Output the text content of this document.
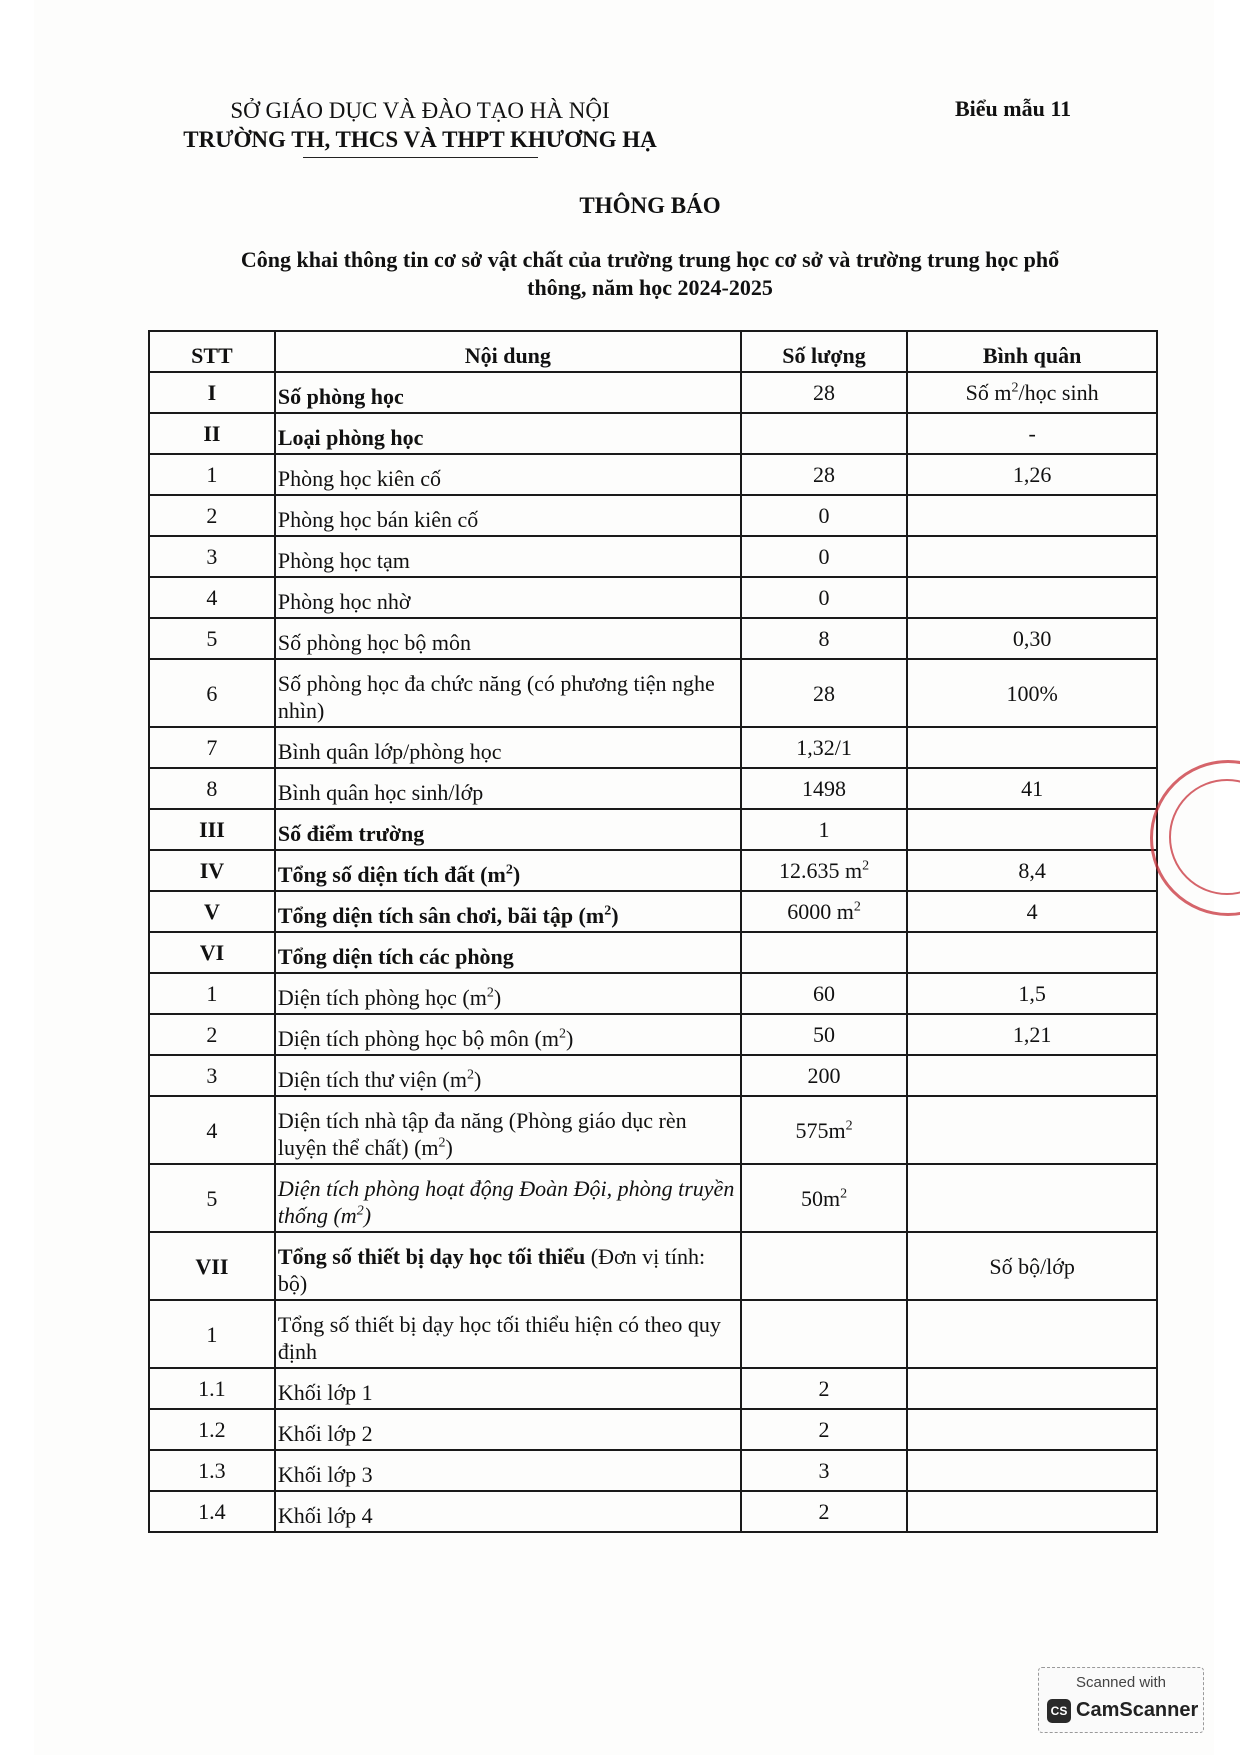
SỞ GIÁO DỤC VÀ ĐÀO TẠO HÀ NỘI
TRƯỜNG TH, THCS VÀ THPT KHƯƠNG HẠ
Biểu mẫu 11
THÔNG BÁO
Công khai thông tin cơ sở vật chất của trường trung học cơ sở và trường trung học phổ
thông, năm học 2024-2025
STT	Nội dung	Số lượng	Bình quân
I	Số phòng học	28	Số $m^2$/học sinh
II	Loại phòng học		-
1	Phòng học kiên cố	28	1,26
2	Phòng học bán kiên cố	0	
3	Phòng học tạm	0	
4	Phòng học nhờ	0	
5	Số phòng học bộ môn	8	0,30
6	Số phòng học đa chức năng (có phương tiện nghe nhìn)	28	100%
7	Bình quân lớp/phòng học	1,32/1	
8	Bình quân học sinh/lớp	1498	41
III	Số điểm trường	1	
IV	Tổng số diện tích đất $(m^2)$	12.635 $m^2$	8,4
V	Tổng diện tích sân chơi, bãi tập $(m^2)$	6000 $m^2$	4
VI	Tổng diện tích các phòng		
1	Diện tích phòng học $(m^2)$	60	1,5
2	Diện tích phòng học bộ môn $(m^2)$	50	1,21
3	Diện tích thư viện $(m^2)$	200	
4	Diện tích nhà tập đa năng (Phòng giáo dục rèn luyện thể chất) $(m^2)$	$575m^2$	
5	Diện tích phòng hoạt động Đoàn Đội, phòng truyền thống $(m^2)$	$50m^2$	
VII	Tổng số thiết bị dạy học tối thiểu (Đơn vị tính: bộ)		Số bộ/lớp
1	Tổng số thiết bị dạy học tối thiểu hiện có theo quy định		
1.1	Khối lớp 1	2	
1.2	Khối lớp 2	2	
1.3	Khối lớp 3	3	
1.4	Khối lớp 4	2	
Scanned with
CS CamScanner
